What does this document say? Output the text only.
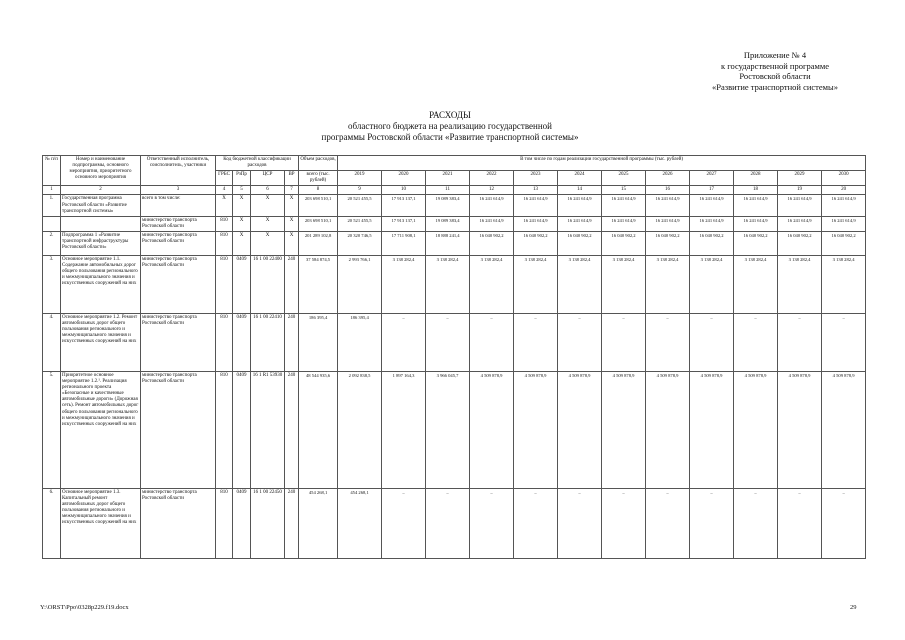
Приложение № 4
к государственной программе
Ростовской области
«Развитие транспортной системы»
РАСХОДЫ
областного бюджета на реализацию государственной
программы Ростовской области «Развитие транспортной системы»
№ п/п	Номер и наименование подпрограммы, основного мероприятия, приоритетного основного мероприятия	Ответственный исполнитель, соисполнитель, участники	Код бюджетной классификации расходов				Объем расходов,	В том числе по годам реализации государственной программы (тыс. рублей)											
			ГРБС	РзПр	ЦСР	ВР	всего (тыс. рублей)	2019	2020	2021	2022	2023	2024	2025	2026	2027	2028	2029	2030
1	2	3	4	5	6	7	8	9	10	11	12	13	14	15	16	17	18	19	20
1.	Государственная программа Ростовской области «Развитие транспортной системы»	всего в том числе:	Х	Х	Х	Х	203 698 510,1	20 521 455,5	17 913 137,1	19 089 383,4	16 241 614,9	16 241 614,9	16 241 614,9	16 241 614,9	16 241 614,9	16 241 614,9	16 241 614,9	16 241 614,9	16 241 614,9
		министерство транспорта Ростовской области	810	Х	Х	Х	203 698 510,1	20 521 455,5	17 913 137,1	19 089 383,4	16 241 614,9	16 241 614,9	16 241 614,9	16 241 614,9	16 241 614,9	16 241 614,9	16 241 614,9	16 241 614,9	16 241 614,9
2.	Подпрограмма 1 «Развитие транспортной инфраструктуры Ростовской области»	министерство транспорта Ростовской области	810	Х	Х	Х	201 289 102,8	20 320 746,5	17 711 908,1	18 888 241,4	16 040 902,2	16 040 902,2	16 040 902,2	16 040 902,2	16 040 902,2	16 040 902,2	16 040 902,2	16 040 902,2	16 040 902,2
3.	Основное мероприятие 1.1. Содержание автомобильных дорог общего пользования регионального и межмуниципального значения и искусственных сооружений на них	министерство транспорта Ростовской области	810	0409	16 1 00 22400	240	37 584 874,5	2 993 766,1	3 138 282,4	3 138 282,4	3 138 282,4	3 138 282,4	3 138 282,4	3 138 282,4	3 138 282,4	3 138 282,4	3 138 282,4	3 138 282,4	3 138 282,4
4.	Основное мероприятие 1.2. Ремонт автомобильных дорог общего пользования регионального и межмуниципального значения и искусственных сооружений на них	министерство транспорта Ростовской области	810	0409	16 1 00 22410	240	186 395,4	186 395,4	–	–	–	–	–	–	–	–	–	–	–
5.	Приоритетное основное мероприятие 1.2.¹. Реализация регионального проекта «Безопасные и качественные автомобильные дороги» (Дорожная сеть). Ремонт автомобильных дорог общего пользования регионального и межмуниципального значения и искусственных сооружений на них	министерство транспорта Ростовской области	810	0409	16 1 R1 53930	240	48 544 935,6	2 092 838,5	1 897 164,3	3 966 045,7	4 509 878,9	4 509 878,9	4 509 878,9	4 509 878,9	4 509 878,9	4 509 878,9	4 509 878,9	4 509 878,9	4 509 878,9
6.	Основное мероприятие 1.3. Капитальный ремонт автомобильных дорог общего пользования регионального и межмуниципального значения и искусственных сооружений на них	министерство транспорта Ростовской области	810	0409	16 1 00 22450	240	454 268,1	454 268,1	–	–	–	–	–	–	–	–	–	–	–
Y:\ORST\Ppo\0328p229.f19.docx	29
